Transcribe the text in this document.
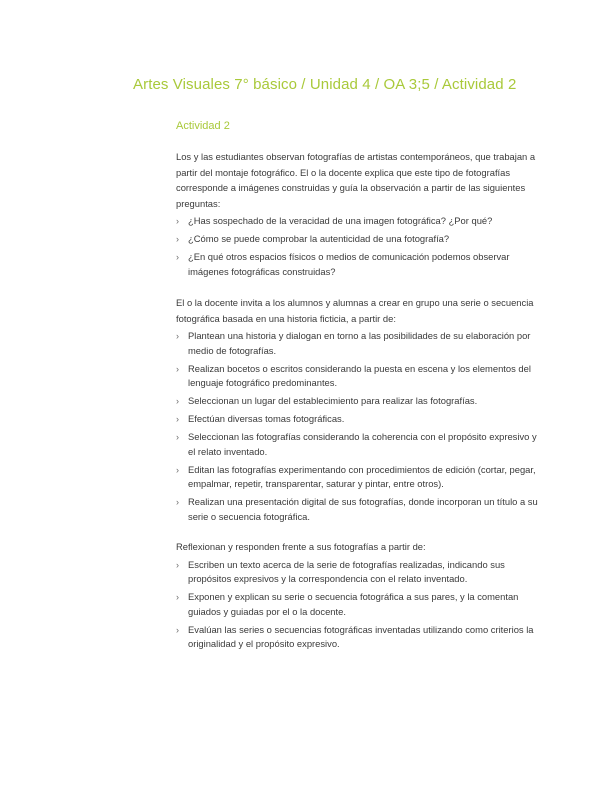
Artes Visuales 7° básico / Unidad 4 / OA 3;5 / Actividad 2
Actividad 2

Los y las estudiantes observan fotografías de artistas contemporáneos, que trabajan a partir del montaje fotográfico. El o la docente explica que este tipo de fotografías corresponde a imágenes construidas y guía la observación a partir de las siguientes preguntas:

› ¿Has sospechado de la veracidad de una imagen fotográfica? ¿Por qué?
› ¿Cómo se puede comprobar la autenticidad de una fotografía?
› ¿En qué otros espacios físicos o medios de comunicación podemos observar imágenes fotográficas construidas?

El o la docente invita a los alumnos y alumnas a crear en grupo una serie o secuencia fotográfica basada en una historia ficticia, a partir de:

› Plantean una historia y dialogan en torno a las posibilidades de su elaboración por medio de fotografías.
› Realizan bocetos o escritos considerando la puesta en escena y los elementos del lenguaje fotográfico predominantes.
› Seleccionan un lugar del establecimiento para realizar las fotografías.
› Efectúan diversas tomas fotográficas.
› Seleccionan las fotografías considerando la coherencia con el propósito expresivo y el relato inventado.
› Editan las fotografías experimentando con procedimientos de edición (cortar, pegar, empalmar, repetir, transparentar, saturar y pintar, entre otros).
› Realizan una presentación digital de sus fotografías, donde incorporan un título a su serie o secuencia fotográfica.

Reflexionan y responden frente a sus fotografías a partir de:

› Escriben un texto acerca de la serie de fotografías realizadas, indicando sus propósitos expresivos y la correspondencia con el relato inventado.
› Exponen y explican su serie o secuencia fotográfica a sus pares, y la comentan guiados y guiadas por el o la docente.
› Evalúan las series o secuencias fotográficas inventadas utilizando como criterios la originalidad y el propósito expresivo.
